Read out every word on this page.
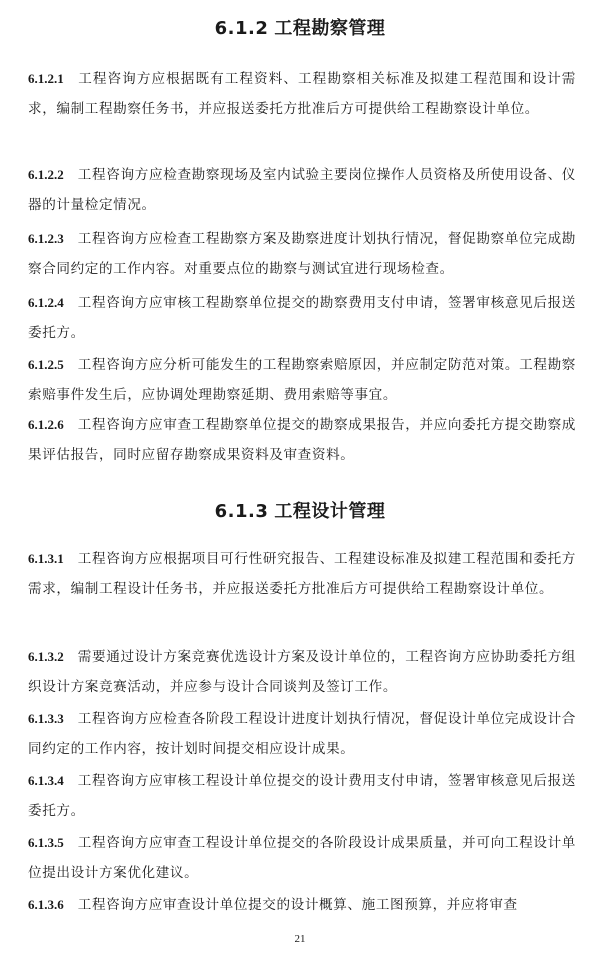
6.1.2 工程勘察管理

6.1.2.1 工程咨询方应根据既有工程资料、工程勘察相关标准及拟建工程范围和设计需求，编制工程勘察任务书，并应报送委托方批准后方可提供给工程勘察设计单位。

6.1.2.2 工程咨询方应检查勘察现场及室内试验主要岗位操作人员资格及所使用设备、仪器的计量检定情况。

6.1.2.3 工程咨询方应检查工程勘察方案及勘察进度计划执行情况，督促勘察单位完成勘察合同约定的工作内容。对重要点位的勘察与测试宜进行现场检查。

6.1.2.4 工程咨询方应审核工程勘察单位提交的勘察费用支付申请，签署审核意见后报送委托方。

6.1.2.5 工程咨询方应分析可能发生的工程勘察索赔原因，并应制定防范对策。工程勘察索赔事件发生后，应协调处理勘察延期、费用索赔等事宜。

6.1.2.6 工程咨询方应审查工程勘察单位提交的勘察成果报告，并应向委托方提交勘察成果评估报告，同时应留存勘察成果资料及审查资料。

6.1.3 工程设计管理

6.1.3.1 工程咨询方应根据项目可行性研究报告、工程建设标准及拟建工程范围和委托方需求，编制工程设计任务书，并应报送委托方批准后方可提供给工程勘察设计单位。

6.1.3.2 需要通过设计方案竞赛优选设计方案及设计单位的，工程咨询方应协助委托方组织设计方案竞赛活动，并应参与设计合同谈判及签订工作。

6.1.3.3 工程咨询方应检查各阶段工程设计进度计划执行情况，督促设计单位完成设计合同约定的工作内容，按计划时间提交相应设计成果。

6.1.3.4 工程咨询方应审核工程设计单位提交的设计费用支付申请，签署审核意见后报送委托方。

6.1.3.5 工程咨询方应审查工程设计单位提交的各阶段设计成果质量，并可向工程设计单位提出设计方案优化建议。

6.1.3.6 工程咨询方应审查设计单位提交的设计概算、施工图预算，并应将审查

21
